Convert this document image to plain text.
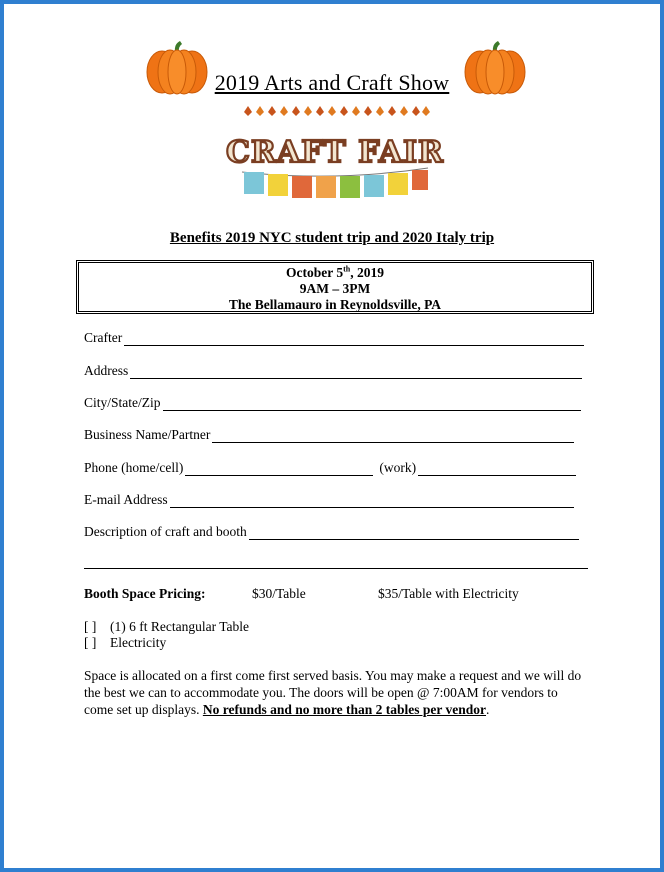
2019 Arts and Craft Show
CRAFT FAIR
Benefits 2019 NYC student trip and 2020 Italy trip
October 5th, 2019
9AM – 3PM
The Bellamauro in Reynoldsville, PA
Crafter
Address
City/State/Zip
Business Name/Partner
Phone (home/cell)	(work)
E-mail Address
Description of craft and booth
Booth Space Pricing:	$30/Table	$35/Table with Electricity
[ ] (1) 6 ft Rectangular Table
[ ] Electricity
Space is allocated on a first come first served basis. You may make a request and we will do the best we can to accommodate you. The doors will be open @ 7:00AM for vendors to come set up displays. No refunds and no more than 2 tables per vendor.
